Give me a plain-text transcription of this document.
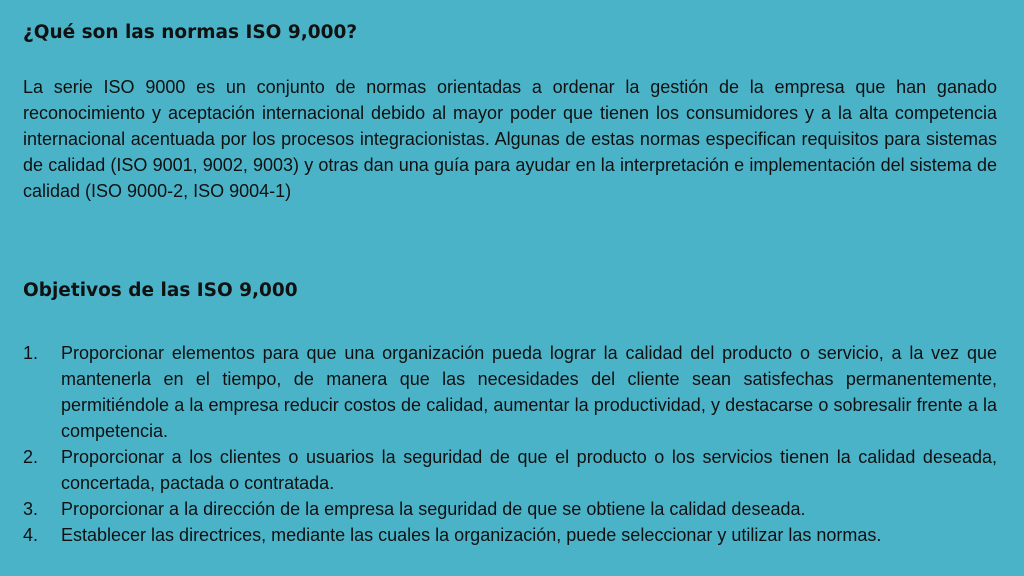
¿Qué son las normas ISO 9,000?

La serie ISO 9000 es un conjunto de normas orientadas a ordenar la gestión de la empresa que han ganado reconocimiento y aceptación internacional debido al mayor poder que tienen los consumidores y a la alta competencia internacional acentuada por los procesos integracionistas. Algunas de estas normas especifican requisitos para sistemas de calidad (ISO 9001, 9002, 9003) y otras dan una guía para ayudar en la interpretación e implementación del sistema de calidad (ISO 9000-2, ISO 9004-1)

Objetivos de las ISO 9,000
1. Proporcionar elementos para que una organización pueda lograr la calidad del producto o servicio, a la vez que mantenerla en el tiempo, de manera que las necesidades del cliente sean satisfechas permanentemente, permitiéndole a la empresa reducir costos de calidad, aumentar la productividad, y destacarse o sobresalir frente a la competencia.
2. Proporcionar a los clientes o usuarios la seguridad de que el producto o los servicios tienen la calidad deseada, concertada, pactada o contratada.
3. Proporcionar a la dirección de la empresa la seguridad de que se obtiene la calidad deseada.
4. Establecer las directrices, mediante las cuales la organización, puede seleccionar y utilizar las normas.
